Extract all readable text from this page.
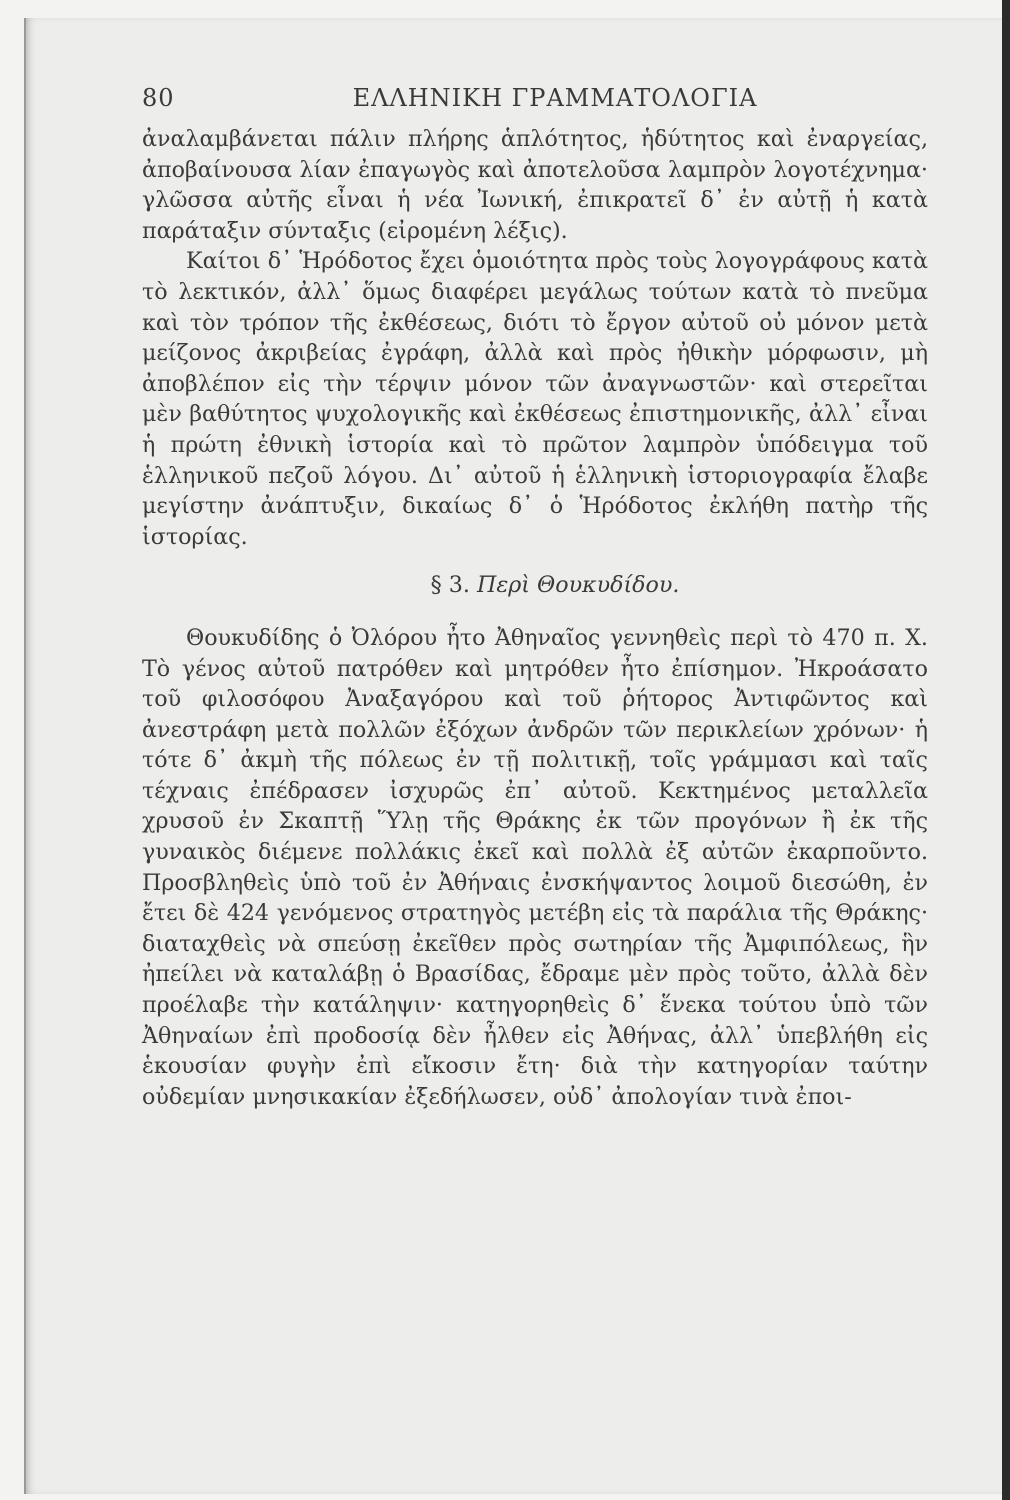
80	ΕΛΛΗΝΙΚΗ ΓΡΑΜΜΑΤΟΛΟΓΙΑ

ἀναλαμβάνεται πάλιν πλήρης ἁπλότητος, ἡδύτητος καὶ ἐναργείας, ἀποβαίνουσα λίαν ἐπαγωγὸς καὶ ἀποτελοῦσα λαμπρὸν λογοτέχνημα· γλῶσσα αὐτῆς εἶναι ἡ νέα Ἰωνική, ἐπικρατεῖ δ᾽ ἐν αὐτῇ ἡ κατὰ παράταξιν σύνταξις (εἰρομένη λέξις).

Καίτοι δ᾽ Ἡρόδοτος ἔχει ὁμοιότητα πρὸς τοὺς λογογράφους κατὰ τὸ λεκτικόν, ἀλλ᾽ ὅμως διαφέρει μεγάλως τούτων κατὰ τὸ πνεῦμα καὶ τὸν τρόπον τῆς ἐκθέσεως, διότι τὸ ἔργον αὐτοῦ οὐ μόνον μετὰ μείζονος ἀκριβείας ἐγράφη, ἀλλὰ καὶ πρὸς ἠθικὴν μόρφωσιν, μὴ ἀποβλέπον εἰς τὴν τέρψιν μόνον τῶν ἀναγνωστῶν· καὶ στερεῖται μὲν βαθύτητος ψυχολογικῆς καὶ ἐκθέσεως ἐπιστημονικῆς, ἀλλ᾽ εἶναι ἡ πρώτη ἐθνικὴ ἱστορία καὶ τὸ πρῶτον λαμπρὸν ὑπόδειγμα τοῦ ἑλληνικοῦ πεζοῦ λόγου. Δι᾽ αὐτοῦ ἡ ἑλληνικὴ ἱστοριογραφία ἔλαβε μεγίστην ἀνάπτυξιν, δικαίως δ᾽ ὁ Ἡρόδοτος ἐκλήθη πατὴρ τῆς ἱστορίας.

§ 3. Περὶ Θουκυδίδου.

Θουκυδίδης ὁ Ὀλόρου ἦτο Ἀθηναῖος γεννηθεὶς περὶ τὸ 470 π. Χ. Τὸ γένος αὐτοῦ πατρόθεν καὶ μητρόθεν ἦτο ἐπίσημον. Ἠκροάσατο τοῦ φιλοσόφου Ἀναξαγόρου καὶ τοῦ ῥήτορος Ἀντιφῶντος καὶ ἀνεστράφη μετὰ πολλῶν ἐξόχων ἀνδρῶν τῶν περικλείων χρόνων· ἡ τότε δ᾽ ἀκμὴ τῆς πόλεως ἐν τῇ πολιτικῇ, τοῖς γράμμασι καὶ ταῖς τέχναις ἐπέδρασεν ἰσχυρῶς ἐπ᾽ αὐτοῦ. Κεκτημένος μεταλλεῖα χρυσοῦ ἐν Σκαπτῇ Ὕλῃ τῆς Θράκης ἐκ τῶν προγόνων ἢ ἐκ τῆς γυναικὸς διέμενε πολλάκις ἐκεῖ καὶ πολλὰ ἐξ αὐτῶν ἐκαρποῦντο. Προσβληθεὶς ὑπὸ τοῦ ἐν Ἀθήναις ἐνσκήψαντος λοιμοῦ διεσώθη, ἐν ἔτει δὲ 424 γενόμενος στρατηγὸς μετέβη εἰς τὰ παράλια τῆς Θράκης· διαταχθεὶς νὰ σπεύσῃ ἐκεῖθεν πρὸς σωτηρίαν τῆς Ἀμφιπόλεως, ἣν ἠπείλει νὰ καταλάβῃ ὁ Βρασίδας, ἔδραμε μὲν πρὸς τοῦτο, ἀλλὰ δὲν προέλαβε τὴν κατάληψιν· κατηγορηθεὶς δ᾽ ἕνεκα τούτου ὑπὸ τῶν Ἀθηναίων ἐπὶ προδοσίᾳ δὲν ἦλθεν εἰς Ἀθήνας, ἀλλ᾽ ὑπεβλήθη εἰς ἑκουσίαν φυγὴν ἐπὶ εἴκοσιν ἔτη· διὰ τὴν κατηγορίαν ταύτην οὐδεμίαν μνησικακίαν ἐξεδήλωσεν, οὐδ᾽ ἀπολογίαν τινὰ ἐποι-
